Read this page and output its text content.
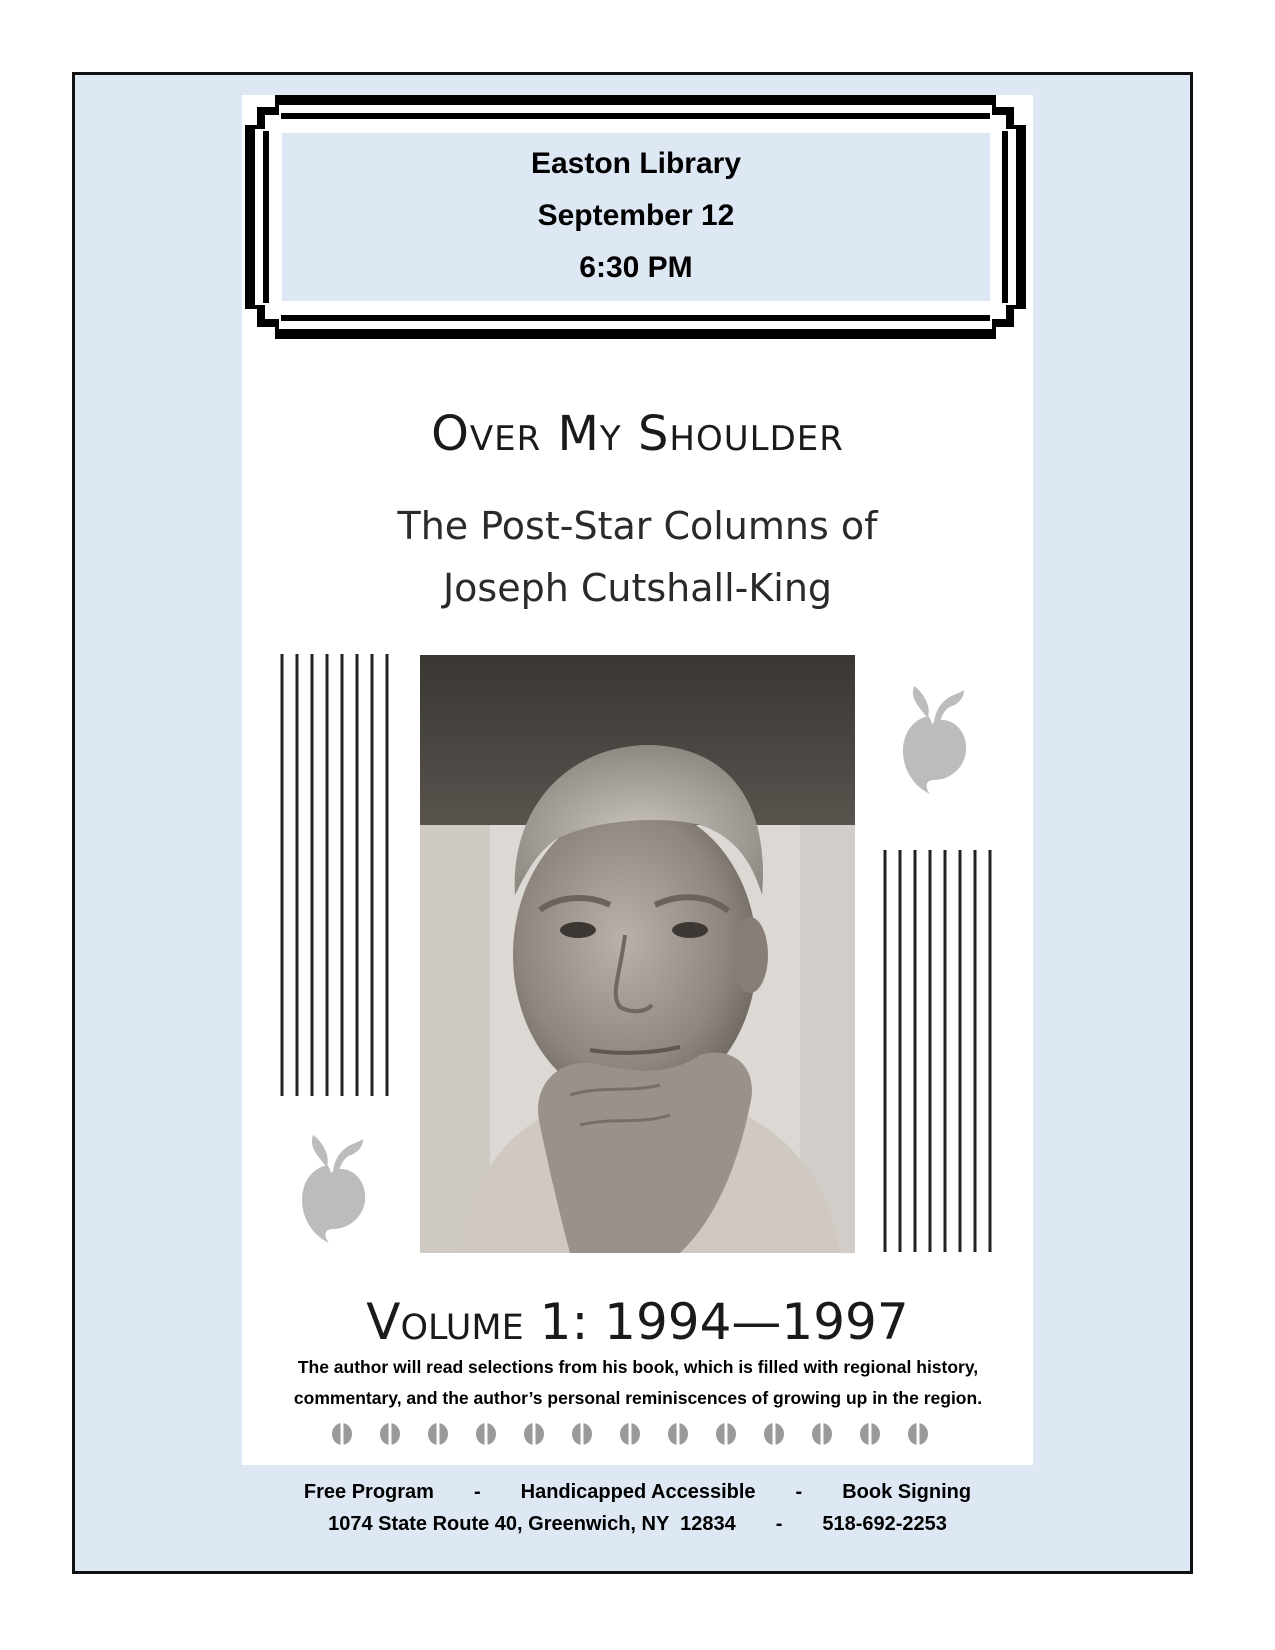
Easton Library
September 12
6:30 PM
Over My Shoulder
The Post-Star Columns of
Joseph Cutshall-King
Volume 1: 1994—1997
The author will read selections from his book, which is filled with regional history,
commentary, and the author’s personal reminiscences of growing up in the region.
Free Program - Handicapped Accessible - Book Signing
1074 State Route 40, Greenwich, NY  12834 - 518-692-2253
